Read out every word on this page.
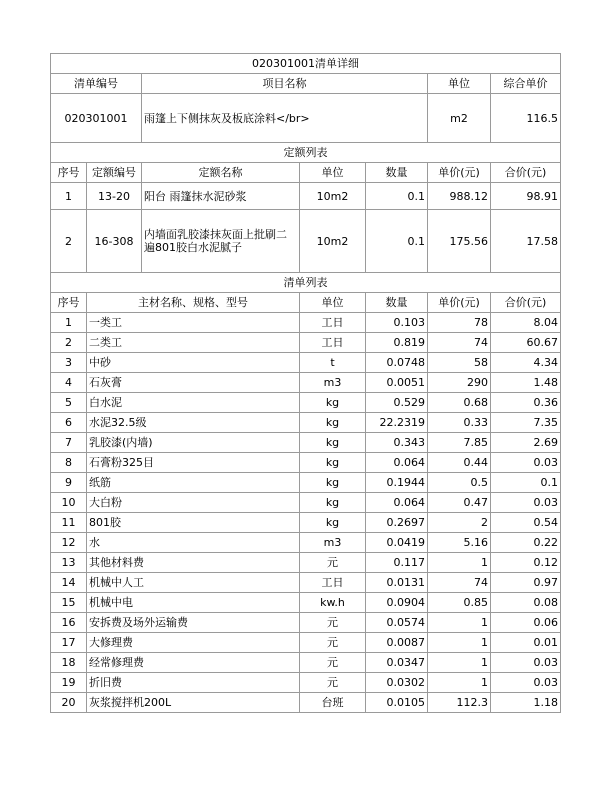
020301001清单详细						
清单编号		项目名称			单位	综合单价
020301001		雨篷上下侧抹灰及板底涂料</br>			m2	116.5
定额列表						
序号	定额编号	定额名称	单位	数量	单价(元)	合价(元)
1	13-20	阳台 雨篷抹水泥砂浆	10m2	0.1	988.12	98.91
2	16-308	内墙面乳胶漆抹灰面上批刷二遍801胶白水泥腻子	10m2	0.1	175.56	17.58
清单列表						
序号	主材名称、规格、型号		单位	数量	单价(元)	合价(元)
1	一类工		工日	0.103	78	8.04
2	二类工		工日	0.819	74	60.67
3	中砂		t	0.0748	58	4.34
4	石灰膏		m3	0.0051	290	1.48
5	白水泥		kg	0.529	0.68	0.36
6	水泥32.5级		kg	22.2319	0.33	7.35
7	乳胶漆(内墙)		kg	0.343	7.85	2.69
8	石膏粉325目		kg	0.064	0.44	0.03
9	纸筋		kg	0.1944	0.5	0.1
10	大白粉		kg	0.064	0.47	0.03
11	801胶		kg	0.2697	2	0.54
12	水		m3	0.0419	5.16	0.22
13	其他材料费		元	0.117	1	0.12
14	机械中人工		工日	0.0131	74	0.97
15	机械中电		kw.h	0.0904	0.85	0.08
16	安拆费及场外运输费		元	0.0574	1	0.06
17	大修理费		元	0.0087	1	0.01
18	经常修理费		元	0.0347	1	0.03
19	折旧费		元	0.0302	1	0.03
20	灰浆搅拌机200L		台班	0.0105	112.3	1.18
